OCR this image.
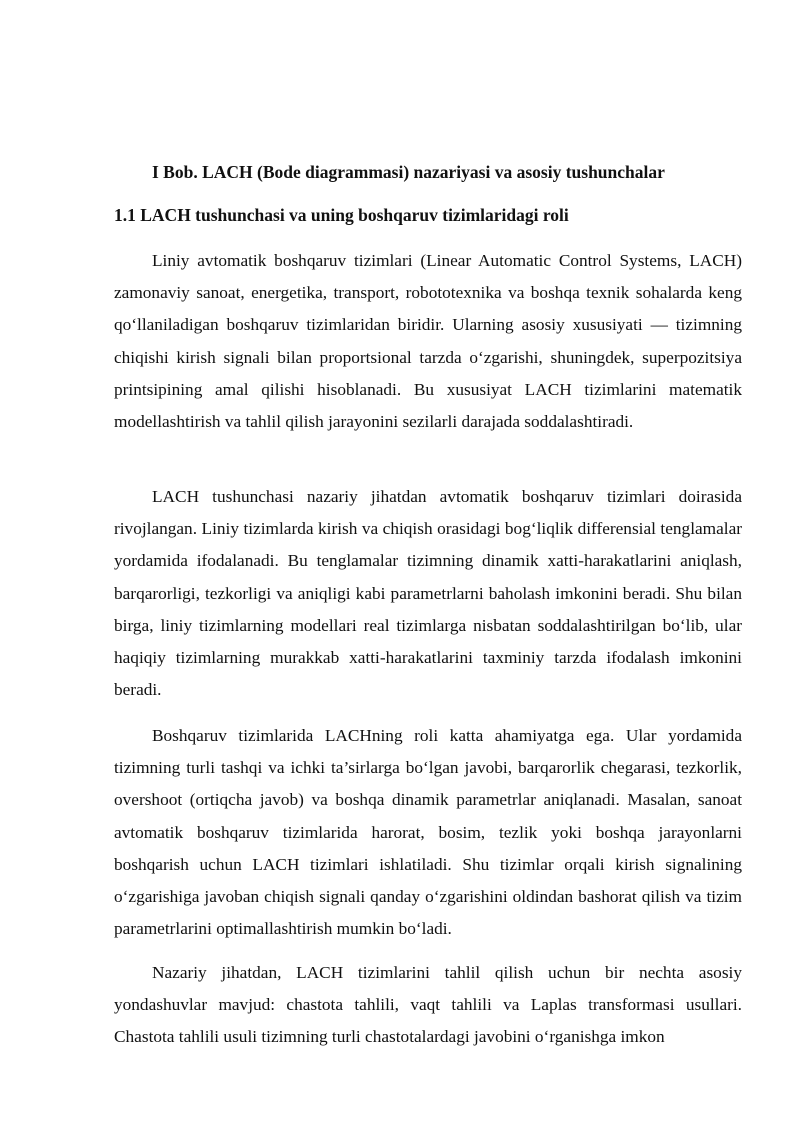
I Bob. LACH (Bode diagrammasi) nazariyasi va asosiy tushunchalar
1.1 LACH tushunchasi va uning boshqaruv tizimlaridagi roli

Liniy avtomatik boshqaruv tizimlari (Linear Automatic Control Systems, LACH) zamonaviy sanoat, energetika, transport, robototexnika va boshqa texnik sohalarda keng qo‘llaniladigan boshqaruv tizimlaridan biridir. Ularning asosiy xususiyati — tizimning chiqishi kirish signali bilan proportsional tarzda o‘zgarishi, shuningdek, superpozitsiya printsipining amal qilishi hisoblanadi. Bu xususiyat LACH tizimlarini matematik modellashtirish va tahlil qilish jarayonini sezilarli darajada soddalashtiradi.

LACH tushunchasi nazariy jihatdan avtomatik boshqaruv tizimlari doirasida rivojlangan. Liniy tizimlarda kirish va chiqish orasidagi bog‘liqlik differensial tenglamalar yordamida ifodalanadi. Bu tenglamalar tizimning dinamik xatti-harakatlarini aniqlash, barqarorligi, tezkorligi va aniqligi kabi parametrlarni baholash imkonini beradi. Shu bilan birga, liniy tizimlarning modellari real tizimlarga nisbatan soddalashtirilgan bo‘lib, ular haqiqiy tizimlarning murakkab xatti-harakatlarini taxminiy tarzda ifodalash imkonini beradi.

Boshqaruv tizimlarida LACHning roli katta ahamiyatga ega. Ular yordamida tizimning turli tashqi va ichki ta’sirlarga bo‘lgan javobi, barqarorlik chegarasi, tezkorlik, overshoot (ortiqcha javob) va boshqa dinamik parametrlar aniqlanadi. Masalan, sanoat avtomatik boshqaruv tizimlarida harorat, bosim, tezlik yoki boshqa jarayonlarni boshqarish uchun LACH tizimlari ishlatiladi. Shu tizimlar orqali kirish signalining o‘zgarishiga javoban chiqish signali qanday o‘zgarishini oldindan bashorat qilish va tizim parametrlarini optimallashtirish mumkin bo‘ladi.

Nazariy jihatdan, LACH tizimlarini tahlil qilish uchun bir nechta asosiy yondashuvlar mavjud: chastota tahlili, vaqt tahlili va Laplas transformasi usullari. Chastota tahlili usuli tizimning turli chastotalardagi javobini o‘rganishga imkon
